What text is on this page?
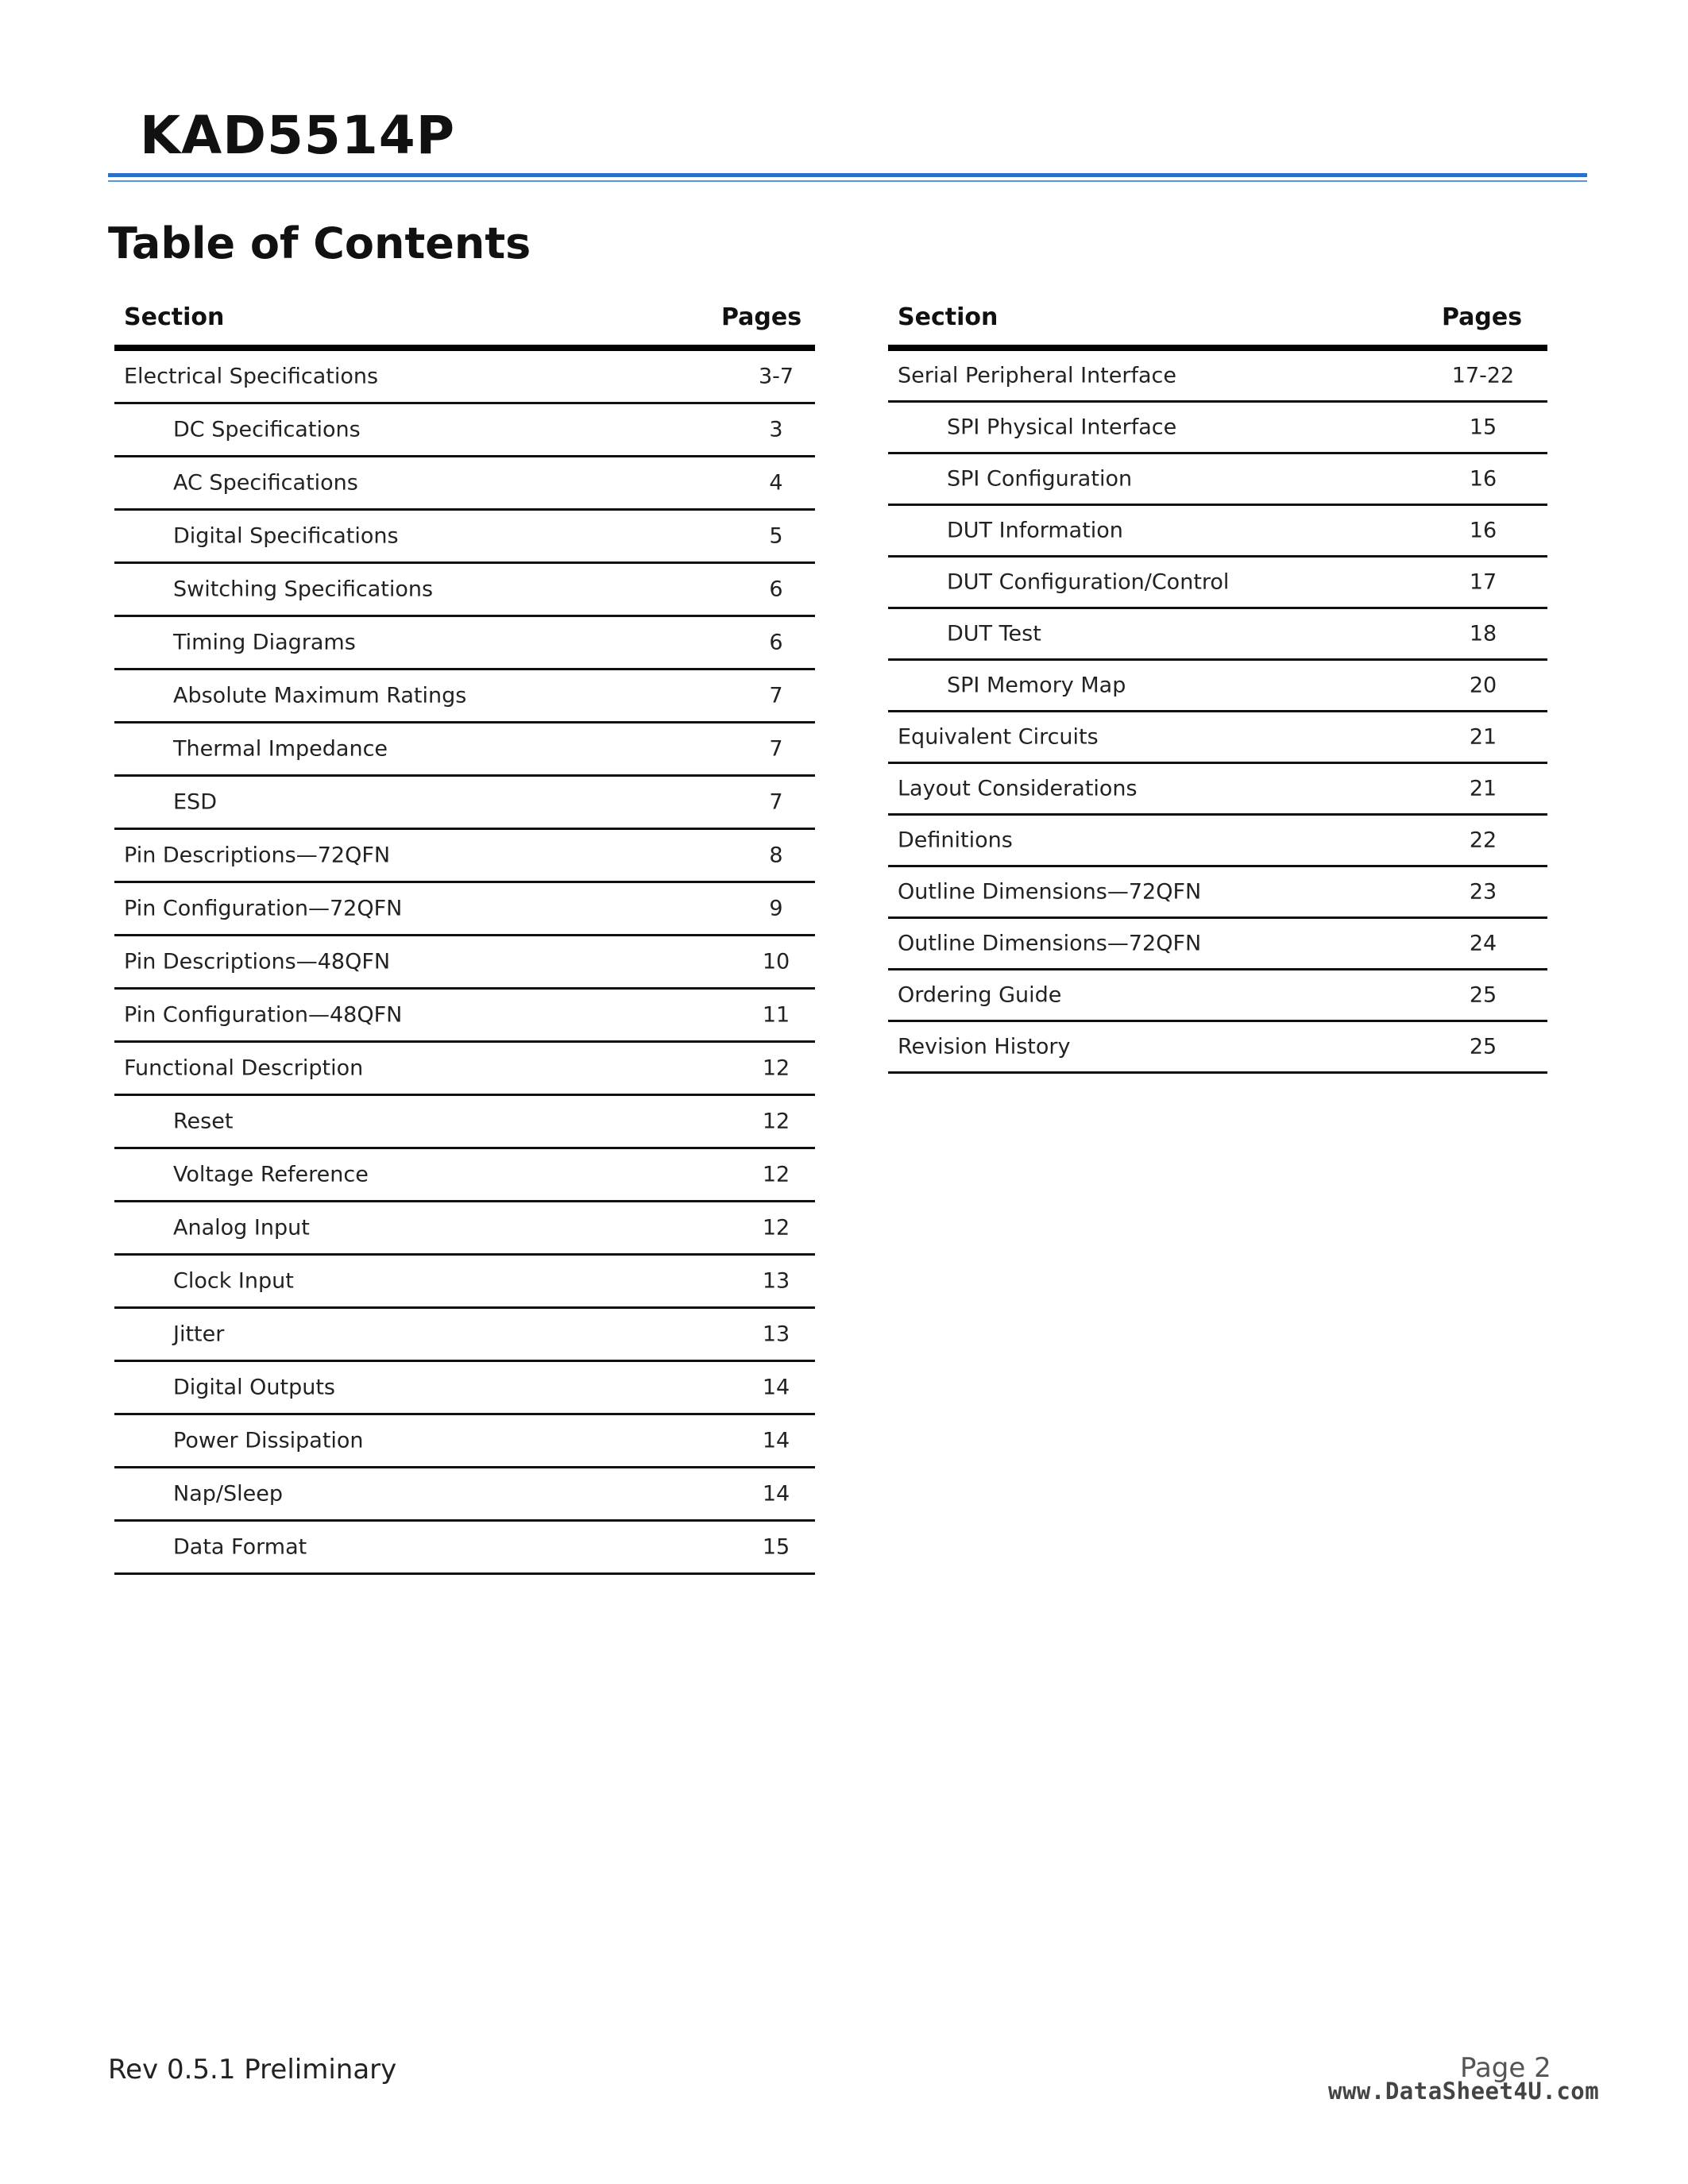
KAD5514P
Table of Contents
Section	Pages
Electrical Specifications	3-7
DC Specifications	3
AC Specifications	4
Digital Specifications	5
Switching Specifications	6
Timing Diagrams	6
Absolute Maximum Ratings	7
Thermal Impedance	7
ESD	7
Pin Descriptions—72QFN	8
Pin Configuration—72QFN	9
Pin Descriptions—48QFN	10
Pin Configuration—48QFN	11
Functional Description	12
Reset	12
Voltage Reference	12
Analog Input	12
Clock Input	13
Jitter	13
Digital Outputs	14
Power Dissipation	14
Nap/Sleep	14
Data Format	15
Section	Pages
Serial Peripheral Interface	17-22
SPI Physical Interface	15
SPI Configuration	16
DUT Information	16
DUT Configuration/Control	17
DUT Test	18
SPI Memory Map	20
Equivalent Circuits	21
Layout Considerations	21
Definitions	22
Outline Dimensions—72QFN	23
Outline Dimensions—72QFN	24
Ordering Guide	25
Revision History	25
Rev 0.5.1 Preliminary	Page 2
www.DataSheet4U.com
